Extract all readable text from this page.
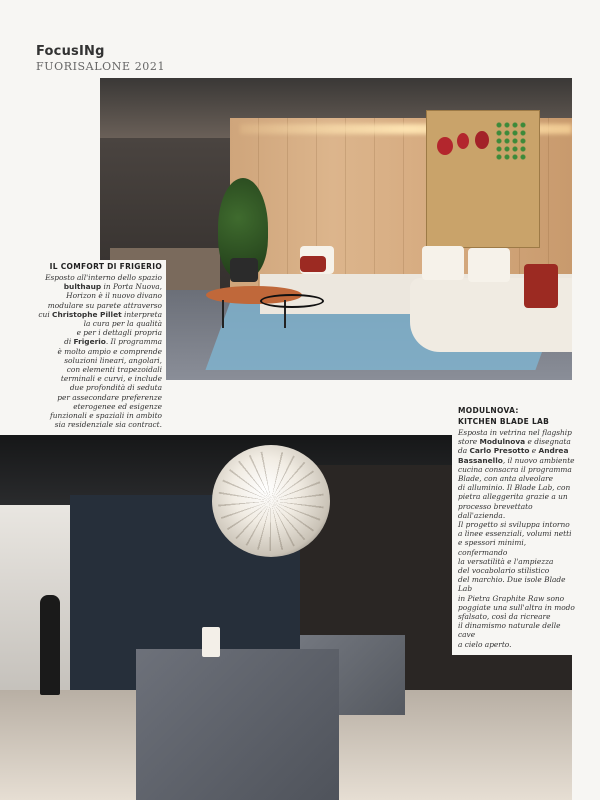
FocusINg
FUORISALONE 2021
IL COMFORT DI FRIGERIO
Esposto all'interno dello spazio
bulthaup in Porta Nuova,
Horizon è il nuovo divano
modulare su parete attraverso
cui Christophe Pillet interpreta
la cura per la qualità
e per i dettagli propria
di Frigerio. Il programma
è molto ampio e comprende
soluzioni lineari, angolari,
con elementi trapezoidali
terminali e curvi, e include
due profondità di seduta
per assecondare preferenze
eterogenee ed esigenze
funzionali e spaziali in ambito
sia residenziale sia contract.
MODULNOVA:
KITCHEN BLADE LAB
Esposta in vetrina nel flagship
store Modulnova e disegnata
da Carlo Presotto e Andrea
Bassanello, il nuovo ambiente
cucina consacra il programma
Blade, con anta alveolare
di alluminio. Il Blade Lab, con
pietra alleggerita grazie a un
processo brevettato dall'azienda.
Il progetto si sviluppa intorno
a linee essenziali, volumi netti
e spessori minimi, confermando
la versatilità e l'ampiezza
del vocabolario stilistico
del marchio. Due isole Blade Lab
in Pietra Graphite Raw sono
poggiate una sull'altra in modo
sfalsato, così da ricreare
il dinamismo naturale delle cave
a cielo aperto.
